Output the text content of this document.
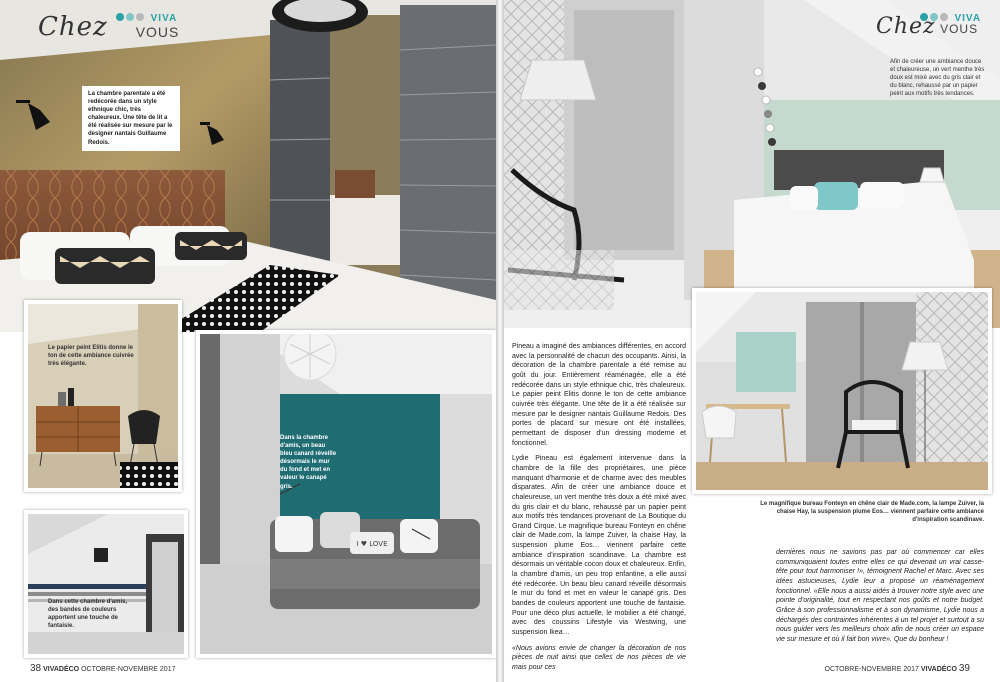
Chez	VIVA VOUS
La chambre parentale a été redécorée dans un style ethnique chic, très chaleureux. Une tête de lit a été réalisée sur mesure par le designer nantais Guillaume Redois.
Le papier peint Elitis donne le ton de cette ambiance cuivrée très élégante.
I ♥ LOVE
Dans la chambre d'amis, un beau bleu canard réveille désormais le mur du fond et met en valeur le canapé gris.
Dans cette chambre d'amis, des bandes de couleurs apportent une touche de fantaisie.
38 VIVADÉCO OCTOBRE-NOVEMBRE 2017
VIVA
Chez $_{VOUS}$
Afin de créer une ambiance douce et chaleureuse, un vert menthe très doux est mixé avec du gris clair et du blanc, rehaussé par un papier peint aux motifs très tendances.
Le magnifique bureau Fonteyn en chêne clair de Made.com, la lampe Zuiver, la chaise Hay, la suspension plume Eos… viennent parfaire cette ambiance d'inspiration scandinave.

Pineau a imaginé des ambiances différentes, en accord avec la personnalité de chacun des occupants. Ainsi, la décoration de la chambre parentale a été remise au goût du jour. Entièrement réaménagée, elle a été redécorée dans un style ethnique chic, très chaleureux. Le papier peint Elitis donne le ton de cette ambiance cuivrée très élégante. Une tête de lit a été réalisée sur mesure par le designer nantais Guillaume Redois. Des portes de placard sur mesure ont été installées, permettant de disposer d'un dressing moderne et fonctionnel.

Lydie Pineau est également intervenue dans la chambre de la fille des propriétaires, une pièce manquant d'harmonie et de charme avec des meubles disparates. Afin de créer une ambiance douce et chaleureuse, un vert menthe très doux a été mixé avec du gris clair et du blanc, rehaussé par un papier peint aux motifs très tendances provenant de La Boutique du Grand Cirque. Le magnifique bureau Fonteyn en chêne clair de Made.com, la lampe Zuiver, la chaise Hay, la suspension plume Eos… viennent parfaire cette ambiance d'inspiration scandinave. La chambre est désormais un véritable cocon doux et chaleureux. Enfin, la chambre d'amis, un peu trop enfantine, a elle aussi été redécorée. Un beau bleu canard réveille désormais le mur du fond et met en valeur le canapé gris. Des bandes de couleurs apportent une touche de fantaisie. Pour une déco plus actuelle, le mobilier a été changé, avec des coussins Lifestyle via Westwing, une suspension Ikea…

«Nous avions envie de changer la décoration de nos pièces de nuit ainsi que celles de nos pièces de vie mais pour ces

dernières nous ne savions pas par où commencer car elles communiquaient toutes entre elles ce qui devenait un vrai casse-tête pour tout harmoniser !», témoignent Rachel et Marc. Avec ses idées astucieuses, Lydie leur a proposé un réaménagement fonctionnel. «Elle nous a aussi aidés à trouver notre style avec une pointe d'originalité, tout en respectant nos goûts et notre budget. Grâce à son professionnalisme et à son dynamisme, Lydie nous a déchargés des contraintes inhérentes à un tel projet et surtout a su nous guider vers les meilleurs choix afin de nous créer un espace vie sur mesure et où il fait bon vivre». Que du bonheur !

OCTOBRE-NOVEMBRE 2017 VIVADÉCO 39
